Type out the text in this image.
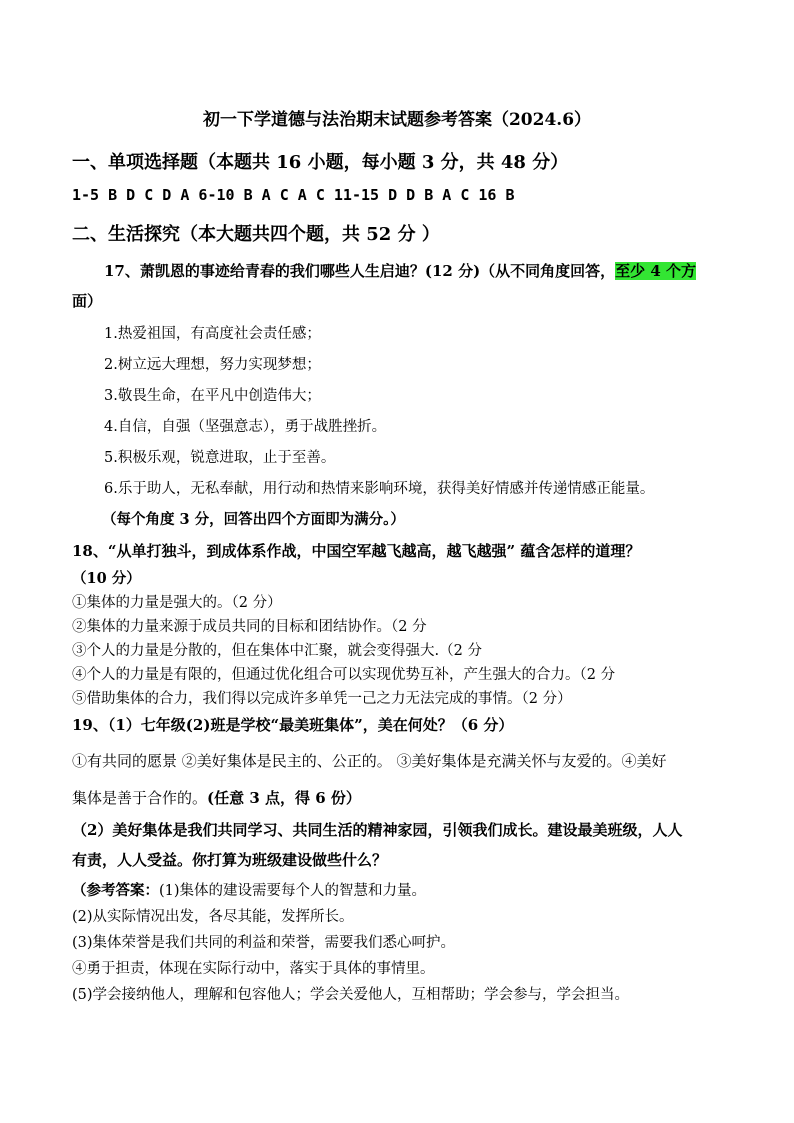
初一下学道德与法治期末试题参考答案（2024.6）
一、单项选择题（本题共 16 小题，每小题 3 分，共 48 分）
1-5 B D C D A 6-10 B A C A C 11-15 D D B A C 16 B
二、生活探究（本大题共四个题，共 52 分 ）
17、萧凯恩的事迹给青春的我们哪些人生启迪？(12 分)（从不同角度回答，至少 4 个方
面）
1.热爱祖国，有高度社会责任感；
2.树立远大理想，努力实现梦想；
3.敬畏生命，在平凡中创造伟大；
4.自信，自强（坚强意志），勇于战胜挫折。
5.积极乐观，锐意进取，止于至善。
6.乐于助人，无私奉献，用行动和热情来影响环境，获得美好情感并传递情感正能量。
（每个角度 3 分，回答出四个方面即为满分。）
18、“从单打独斗，到成体系作战，中国空军越飞越高，越飞越强” 蕴含怎样的道理？
（10 分）
①集体的力量是强大的。（2 分）
②集体的力量来源于成员共同的目标和团结协作。（2 分
③个人的力量是分散的，但在集体中汇聚，就会变得强大.（2 分
④个人的力量是有限的，但通过优化组合可以实现优势互补，产生强大的合力。（2 分
⑤借助集体的合力，我们得以完成许多单凭一己之力无法完成的事情。（2 分）
19、（1）七年级(2)班是学校“最美班集体”，美在何处？（6 分）
①有共同的愿景 ②美好集体是民主的、公正的。 ③美好集体是充满关怀与友爱的。④美好
集体是善于合作的。(任意 3 点，得 6 份）
（2）美好集体是我们共同学习、共同生活的精神家园，引领我们成长。建设最美班级，人人
有责，人人受益。你打算为班级建设做些什么？
（参考答案：(1)集体的建设需要每个人的智慧和力量。
(2)从实际情况出发，各尽其能，发挥所长。
(3)集体荣誉是我们共同的利益和荣誉，需要我们悉心呵护。
④勇于担责，体现在实际行动中，落实于具体的事情里。
(5)学会接纳他人，理解和包容他人；学会关爱他人，互相帮助；学会参与，学会担当。
